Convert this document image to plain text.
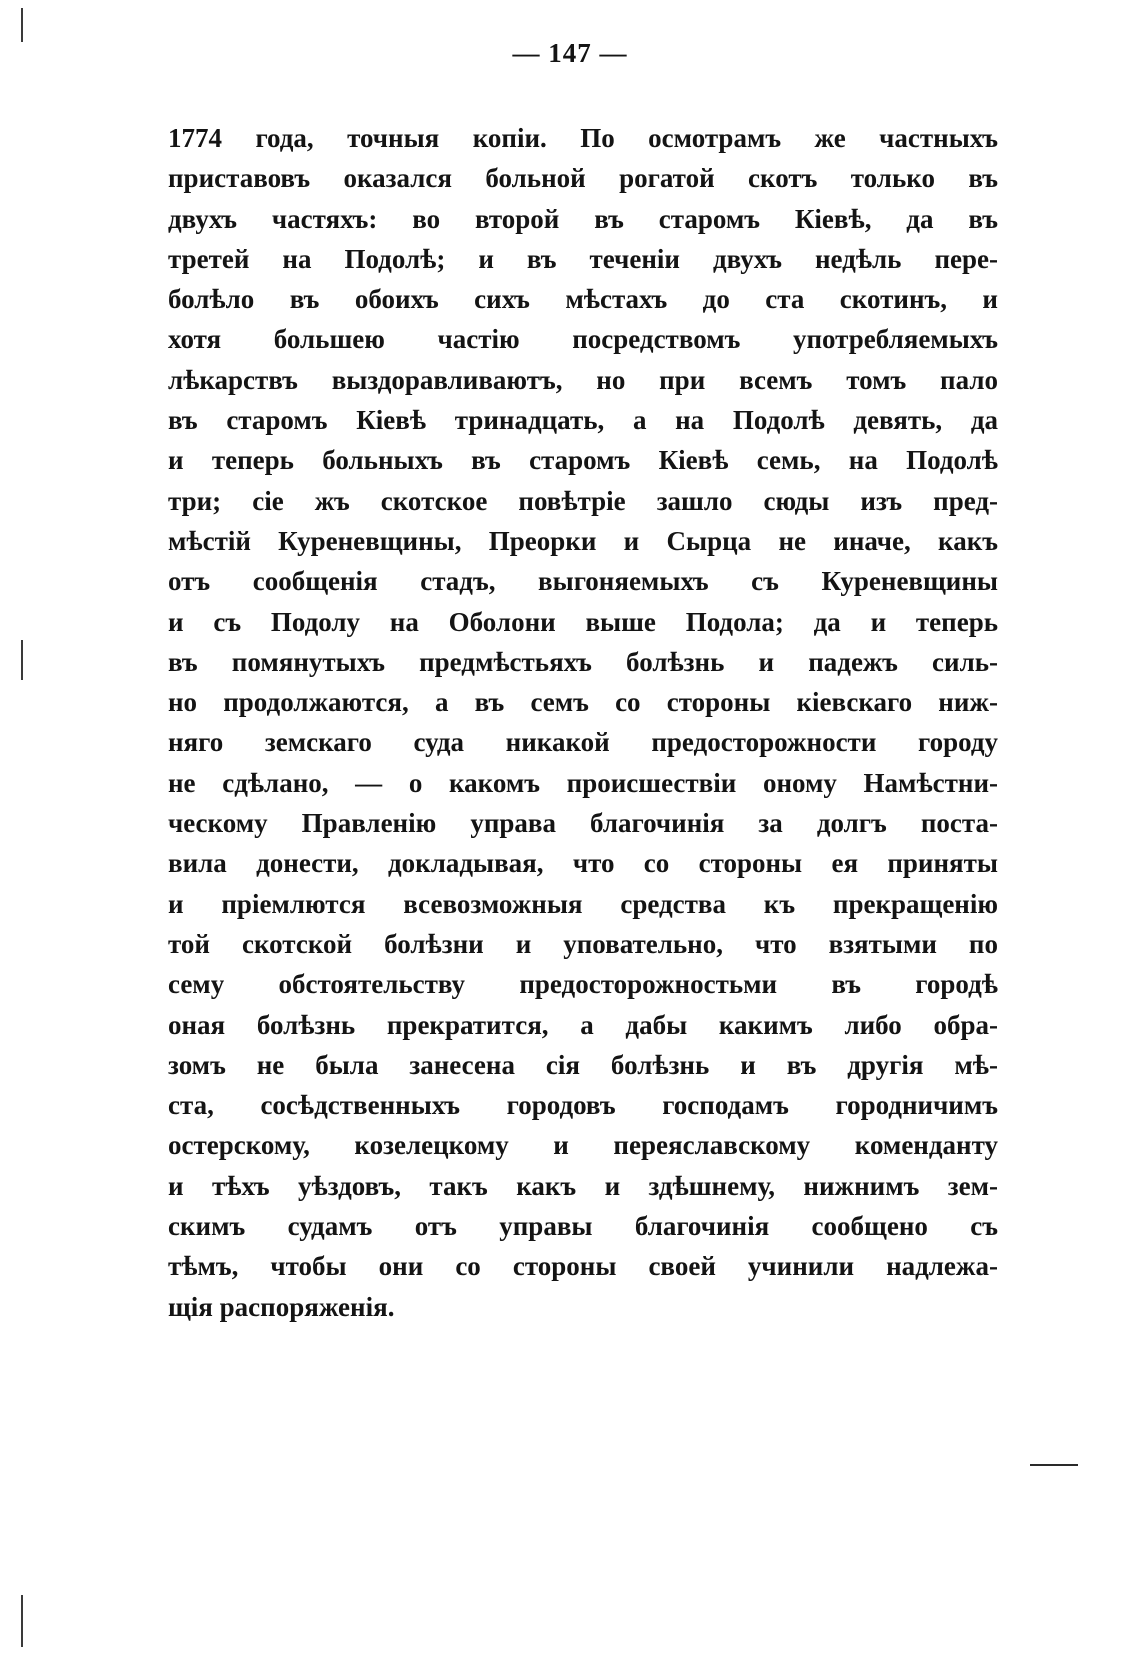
— 147 —
1774 года, точныя копіи. По осмотрамъ же частныхъ
приставовъ оказался больной рогатой скотъ только въ
двухъ частяхъ: во второй въ старомъ Кіевѣ, да въ
третей на Подолѣ; и въ теченіи двухъ недѣль пере-
болѣло въ обоихъ сихъ мѣстахъ до ста скотинъ, и
хотя большею частію посредствомъ употребляемыхъ
лѣкарствъ выздоравливаютъ, но при всемъ томъ пало
въ старомъ Кіевѣ тринадцать, а на Подолѣ девять, да
и теперь больныхъ въ старомъ Кіевѣ семь, на Подолѣ
три; сіе жъ скотское повѣтріе зашло сюды изъ пред-
мѣстій Куреневщины, Преорки и Сырца не иначе, какъ
отъ сообщенія стадъ, выгоняемыхъ съ Куреневщины
и съ Подолу на Оболони выше Подола; да и теперь
въ помянутыхъ предмѣстьяхъ болѣзнь и падежъ силь-
но продолжаются, а въ семъ со стороны кіевскаго ниж-
няго земскаго суда никакой предосторожности городу
не сдѣлано, — о какомъ происшествіи оному Намѣстни-
ческому Правленію управа благочинія за долгъ поста-
вила донести, докладывая, что со стороны ея приняты
и пріемлются всевозможныя средства къ прекращенію
той скотской болѣзни и уповательно, что взятыми по
сему обстоятельству предосторожностьми въ городѣ
оная болѣзнь прекратится, а дабы какимъ либо обра-
зомъ не была занесена сія болѣзнь и въ другія мѣ-
ста, сосѣдственныхъ городовъ господамъ городничимъ
остерскому, козелецкому и переяславскому коменданту
и тѣхъ уѣздовъ, такъ какъ и здѣшнему, нижнимъ зем-
скимъ судамъ отъ управы благочинія сообщено съ
тѣмъ, чтобы они со стороны своей учинили надлежа-
щія распоряженія.
